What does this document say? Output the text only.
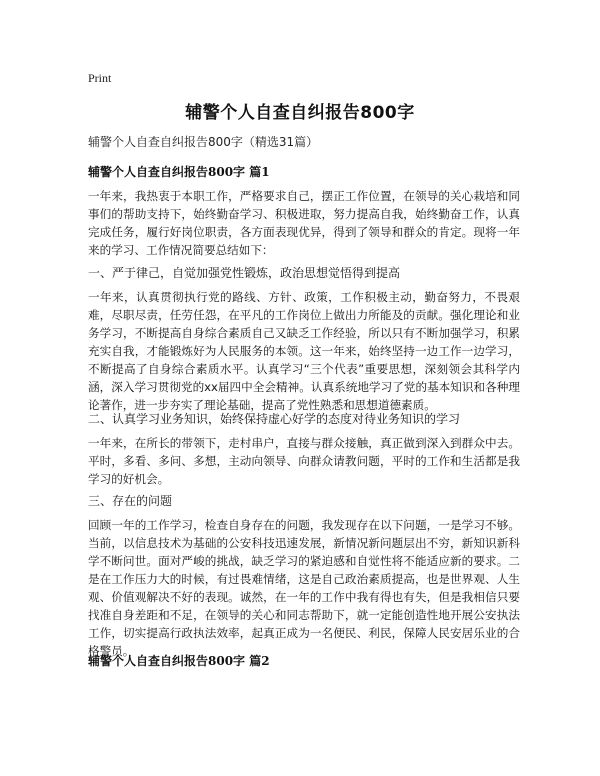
Print
辅警个人自查自纠报告800字
辅警个人自查自纠报告800字（精选31篇）
辅警个人自查自纠报告800字 篇1

一年来，我热衷于本职工作，严格要求自己，摆正工作位置，在领导的关心栽培和同事们的帮助支持下，始终勤奋学习、积极进取，努力提高自我，始终勤奋工作，认真完成任务，履行好岗位职责，各方面表现优异，得到了领导和群众的肯定。现将一年来的学习、工作情况简要总结如下：

一、严于律己，自觉加强党性锻炼，政治思想觉悟得到提高

一年来，认真贯彻执行党的路线、方针、政策，工作积极主动，勤奋努力，不畏艰难，尽职尽责，任劳任怨，在平凡的工作岗位上做出力所能及的贡献。强化理论和业务学习，不断提高自身综合素质自己又缺乏工作经验，所以只有不断加强学习，积累充实自我，才能锻炼好为人民服务的本领。这一年来，始终坚持一边工作一边学习，不断提高了自身综合素质水平。认真学习“三个代表”重要思想，深刻领会其科学内涵，深入学习贯彻党的xx届四中全会精神。认真系统地学习了党的基本知识和各种理论著作，进一步夯实了理论基础，提高了党性熟悉和思想道德素质。

二、认真学习业务知识，始终保持虚心好学的态度对待业务知识的学习

一年来，在所长的带领下，走村串户，直接与群众接触，真正做到深入到群众中去。平时，多看、多问、多想，主动向领导、向群众请教问题，平时的工作和生活都是我学习的好机会。

三、存在的问题

回顾一年的工作学习，检查自身存在的问题，我发现存在以下问题，一是学习不够。当前，以信息技术为基础的公安科技迅速发展，新情况新问题层出不穷，新知识新科学不断问世。面对严峻的挑战，缺乏学习的紧迫感和自觉性将不能适应新的要求。二是在工作压力大的时候，有过畏难情绪，这是自己政治素质提高，也是世界观、人生观、价值观解决不好的表现。诚然，在一年的工作中我有得也有失，但是我相信只要找准自身差距和不足，在领导的关心和同志帮助下，就一定能创造性地开展公安执法工作，切实提高行政执法效率，起真正成为一名便民、利民，保障人民安居乐业的合格警员。

辅警个人自查自纠报告800字 篇2
